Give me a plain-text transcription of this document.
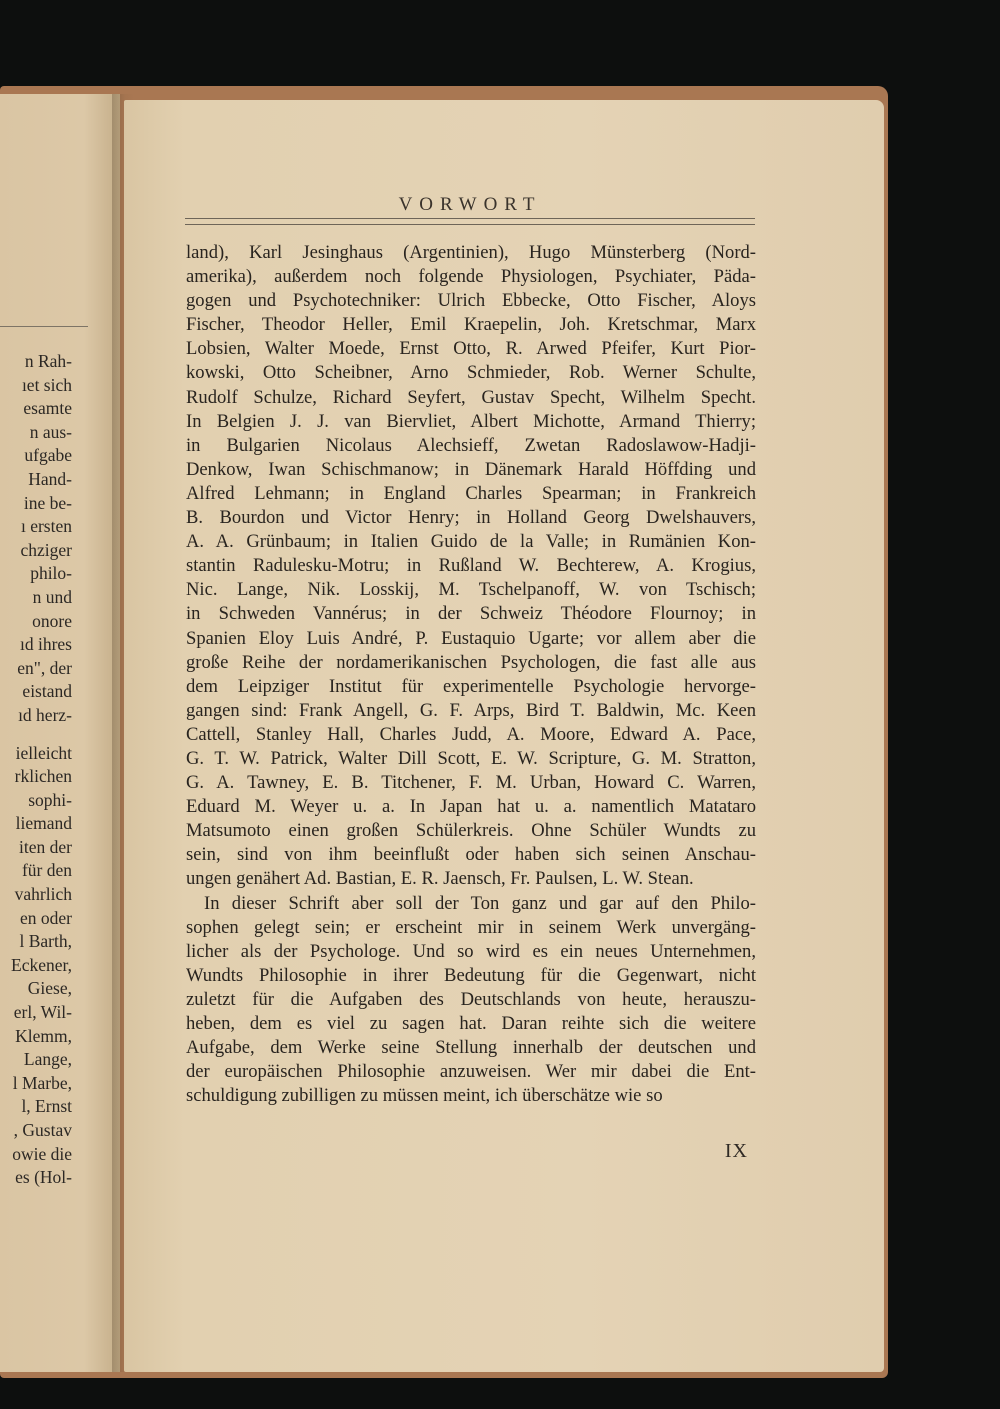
n Rah-
ıet sich
esamte
n aus-
ufgabe
Hand-
ine be-
ı ersten
chziger
philo-
n und
onore
ıd ihres
en", der
eistand
ıd herz-
ielleicht
rklichen
sophi-
liemand
iten der
für den
vahrlich
en oder
l Barth,
Eckener,
Giese,
erl, Wil-
Klemm,
Lange,
l Marbe,
l, Ernst
, Gustav
owie die
es (Hol-
VORWORT
land), Karl Jesinghaus (Argentinien), Hugo Münsterberg (Nord-
amerika), außerdem noch folgende Physiologen, Psychiater, Päda-
gogen und Psychotechniker: Ulrich Ebbecke, Otto Fischer, Aloys
Fischer, Theodor Heller, Emil Kraepelin, Joh. Kretschmar, Marx
Lobsien, Walter Moede, Ernst Otto, R. Arwed Pfeifer, Kurt Pior-
kowski, Otto Scheibner, Arno Schmieder, Rob. Werner Schulte,
Rudolf Schulze, Richard Seyfert, Gustav Specht, Wilhelm Specht.
In Belgien J. J. van Biervliet, Albert Michotte, Armand Thierry;
in Bulgarien Nicolaus Alechsieff, Zwetan Radoslawow-Hadji-
Denkow, Iwan Schischmanow; in Dänemark Harald Höffding und
Alfred Lehmann; in England Charles Spearman; in Frankreich
B. Bourdon und Victor Henry; in Holland Georg Dwelshauvers,
A. A. Grünbaum; in Italien Guido de la Valle; in Rumänien Kon-
stantin Radulesku-Motru; in Rußland W. Bechterew, A. Krogius,
Nic. Lange, Nik. Losskij, M. Tschelpanoff, W. von Tschisch;
in Schweden Vannérus; in der Schweiz Théodore Flournoy; in
Spanien Eloy Luis André, P. Eustaquio Ugarte; vor allem aber die
große Reihe der nordamerikanischen Psychologen, die fast alle aus
dem Leipziger Institut für experimentelle Psychologie hervorge-
gangen sind: Frank Angell, G. F. Arps, Bird T. Baldwin, Mc. Keen
Cattell, Stanley Hall, Charles Judd, A. Moore, Edward A. Pace,
G. T. W. Patrick, Walter Dill Scott, E. W. Scripture, G. M. Stratton,
G. A. Tawney, E. B. Titchener, F. M. Urban, Howard C. Warren,
Eduard M. Weyer u. a. In Japan hat u. a. namentlich Matataro
Matsumoto einen großen Schülerkreis. Ohne Schüler Wundts zu
sein, sind von ihm beeinflußt oder haben sich seinen Anschau-
ungen genähert Ad. Bastian, E. R. Jaensch, Fr. Paulsen, L. W. Stean.
In dieser Schrift aber soll der Ton ganz und gar auf den Philo-
sophen gelegt sein; er erscheint mir in seinem Werk unvergäng-
licher als der Psychologe. Und so wird es ein neues Unternehmen,
Wundts Philosophie in ihrer Bedeutung für die Gegenwart, nicht
zuletzt für die Aufgaben des Deutschlands von heute, herauszu-
heben, dem es viel zu sagen hat. Daran reihte sich die weitere
Aufgabe, dem Werke seine Stellung innerhalb der deutschen und
der europäischen Philosophie anzuweisen. Wer mir dabei die Ent-
schuldigung zubilligen zu müssen meint, ich überschätze wie so
IX
